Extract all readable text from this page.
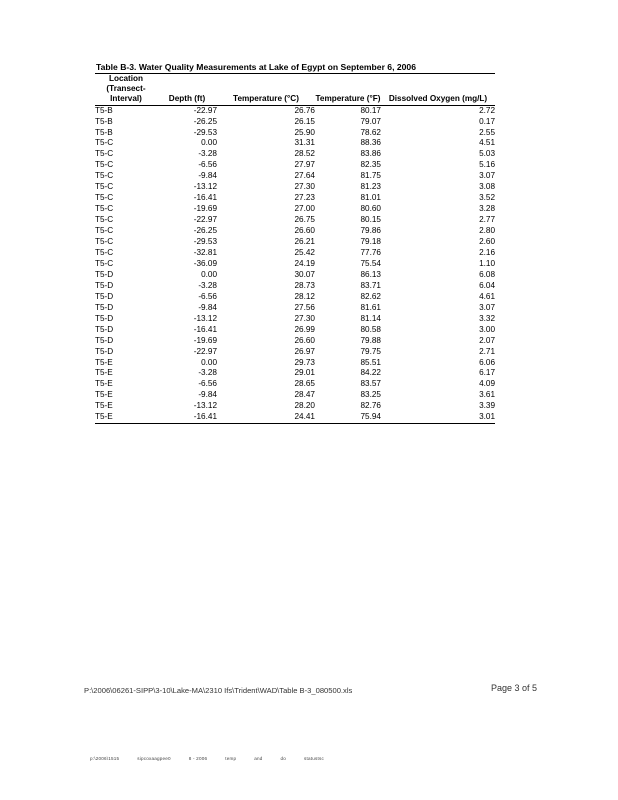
Table B-3. Water Quality Measurements at Lake of Egypt on September 6, 2006
Location (Transect-Interval)	Depth (ft)	Temperature (°C)	Temperature (°F)	Dissolved Oxygen (mg/L)
T5-B	-22.97	26.76	80.17	2.72
T5-B	-26.25	26.15	79.07	0.17
T5-B	-29.53	25.90	78.62	2.55
T5-C	0.00	31.31	88.36	4.51
T5-C	-3.28	28.52	83.86	5.03
T5-C	-6.56	27.97	82.35	5.16
T5-C	-9.84	27.64	81.75	3.07
T5-C	-13.12	27.30	81.23	3.08
T5-C	-16.41	27.23	81.01	3.52
T5-C	-19.69	27.00	80.60	3.28
T5-C	-22.97	26.75	80.15	2.77
T5-C	-26.25	26.60	79.86	2.80
T5-C	-29.53	26.21	79.18	2.60
T5-C	-32.81	25.42	77.76	2.16
T5-C	-36.09	24.19	75.54	1.10
T5-D	0.00	30.07	86.13	6.08
T5-D	-3.28	28.73	83.71	6.04
T5-D	-6.56	28.12	82.62	4.61
T5-D	-9.84	27.56	81.61	3.07
T5-D	-13.12	27.30	81.14	3.32
T5-D	-16.41	26.99	80.58	3.00
T5-D	-19.69	26.60	79.88	2.07
T5-D	-22.97	26.97	79.75	2.71
T5-E	0.00	29.73	85.51	6.06
T5-E	-3.28	29.01	84.22	6.17
T5-E	-6.56	28.65	83.57	4.09
T5-E	-9.84	28.47	83.25	3.61
T5-E	-13.12	28.20	82.76	3.39
T5-E	-16.41	24.41	75.94	3.01
P:\2006\06261-SIPP\3-10\Lake-MA\2310 Ifs\Trident\WAD\Table B-3_080500.xls	Page 3 of 5
p:\2006\1515	sipcoxaagpee0	8 - 2006	temp	and	do	statustsc
